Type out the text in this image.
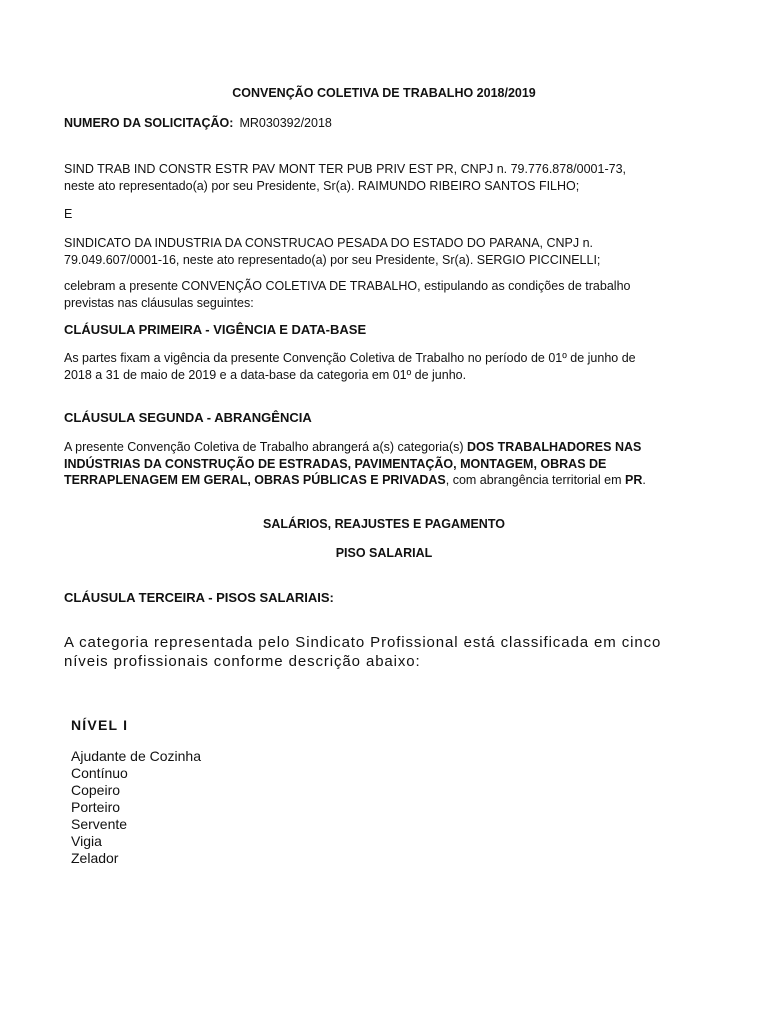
CONVENÇÃO COLETIVA DE TRABALHO 2018/2019
NUMERO DA SOLICITAÇÃO: MR030392/2018
SIND TRAB IND CONSTR ESTR PAV MONT TER PUB PRIV EST PR, CNPJ n. 79.776.878/0001-73,
neste ato representado(a) por seu Presidente, Sr(a). RAIMUNDO RIBEIRO SANTOS FILHO;
E
SINDICATO DA INDUSTRIA DA CONSTRUCAO PESADA DO ESTADO DO PARANA, CNPJ n.
79.049.607/0001-16, neste ato representado(a) por seu Presidente, Sr(a). SERGIO PICCINELLI;
celebram a presente CONVENÇÃO COLETIVA DE TRABALHO, estipulando as condições de trabalho
previstas nas cláusulas seguintes:
CLÁUSULA PRIMEIRA - VIGÊNCIA E DATA-BASE
As partes fixam a vigência da presente Convenção Coletiva de Trabalho no período de 01º de junho de
2018 a 31 de maio de 2019 e a data-base da categoria em 01º de junho.
CLÁUSULA SEGUNDA - ABRANGÊNCIA
A presente Convenção Coletiva de Trabalho abrangerá a(s) categoria(s) DOS TRABALHADORES NAS
INDÚSTRIAS DA CONSTRUÇÃO DE ESTRADAS, PAVIMENTAÇÃO, MONTAGEM, OBRAS DE
TERRAPLENAGEM EM GERAL, OBRAS PÚBLICAS E PRIVADAS, com abrangência territorial em PR.
SALÁRIOS, REAJUSTES E PAGAMENTO
PISO SALARIAL
CLÁUSULA TERCEIRA - PISOS SALARIAIS:
A categoria representada pelo Sindicato Profissional está classificada em cinco
níveis profissionais conforme descrição abaixo:
NÍVEL I
Ajudante de Cozinha
Contínuo
Copeiro
Porteiro
Servente
Vigia
Zelador
